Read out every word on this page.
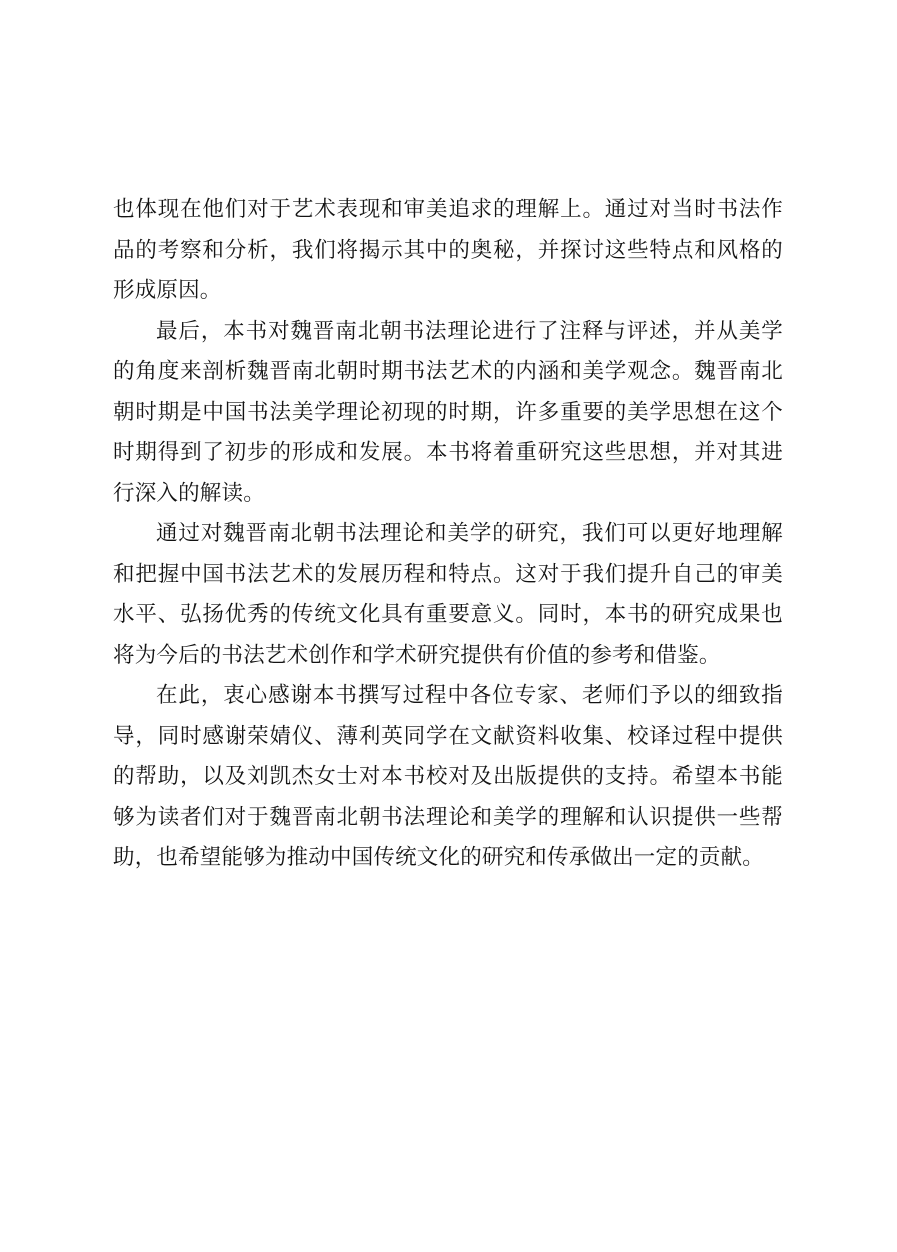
也体现在他们对于艺术表现和审美追求的理解上。通过对当时书法作品的考察和分析，我们将揭示其中的奥秘，并探讨这些特点和风格的形成原因。

最后，本书对魏晋南北朝书法理论进行了注释与评述，并从美学的角度来剖析魏晋南北朝时期书法艺术的内涵和美学观念。魏晋南北朝时期是中国书法美学理论初现的时期，许多重要的美学思想在这个时期得到了初步的形成和发展。本书将着重研究这些思想，并对其进行深入的解读。

通过对魏晋南北朝书法理论和美学的研究，我们可以更好地理解和把握中国书法艺术的发展历程和特点。这对于我们提升自己的审美水平、弘扬优秀的传统文化具有重要意义。同时，本书的研究成果也将为今后的书法艺术创作和学术研究提供有价值的参考和借鉴。

在此，衷心感谢本书撰写过程中各位专家、老师们予以的细致指导，同时感谢荣婧仪、薄利英同学在文献资料收集、校译过程中提供的帮助，以及刘凯杰女士对本书校对及出版提供的支持。希望本书能够为读者们对于魏晋南北朝书法理论和美学的理解和认识提供一些帮助，也希望能够为推动中国传统文化的研究和传承做出一定的贡献。
